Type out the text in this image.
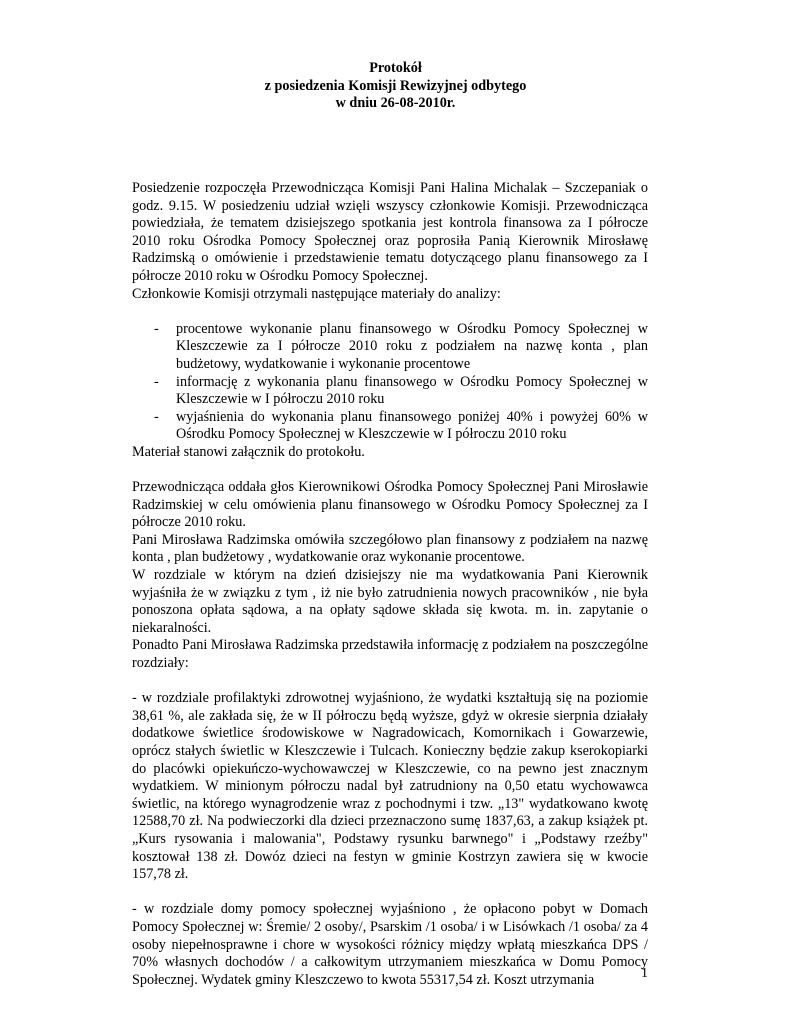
Protokół
z posiedzenia Komisji Rewizyjnej odbytego
w dniu 26-08-2010r.

Posiedzenie rozpoczęła Przewodnicząca Komisji Pani Halina Michalak – Szczepaniak o godz. 9.15. W posiedzeniu udział wzięli wszyscy członkowie Komisji. Przewodnicząca powiedziała, że tematem dzisiejszego spotkania jest kontrola finansowa za I półrocze 2010 roku Ośrodka Pomocy Społecznej oraz poprosiła Panią Kierownik Mirosławę Radzimską o omówienie i przedstawienie tematu dotyczącego planu finansowego za I półrocze 2010 roku w Ośrodku Pomocy Społecznej.

Członkowie Komisji otrzymali następujące materiały do analizy:

- procentowe wykonanie planu finansowego w Ośrodku Pomocy Społecznej w Kleszczewie za I półrocze 2010 roku z podziałem na nazwę konta , plan budżetowy, wydatkowanie i wykonanie procentowe
- informację z wykonania planu finansowego w Ośrodku Pomocy Społecznej w Kleszczewie w I półroczu 2010 roku
- wyjaśnienia do wykonania planu finansowego poniżej 40% i powyżej 60% w Ośrodku Pomocy Społecznej w Kleszczewie w I półroczu 2010 roku

Materiał stanowi załącznik do protokołu.

Przewodnicząca oddała głos Kierownikowi Ośrodka Pomocy Społecznej Pani Mirosławie Radzimskiej w celu omówienia planu finansowego w Ośrodku Pomocy Społecznej za I półrocze 2010 roku.

Pani Mirosława Radzimska omówiła szczegółowo plan finansowy z podziałem na nazwę konta , plan budżetowy , wydatkowanie oraz wykonanie procentowe.

W rozdziale w którym na dzień dzisiejszy nie ma wydatkowania Pani Kierownik wyjaśniła że w związku z tym , iż nie było zatrudnienia nowych pracowników , nie była ponoszona opłata sądowa, a na opłaty sądowe składa się kwota. m. in. zapytanie o niekaralności.

Ponadto Pani Mirosława Radzimska przedstawiła informację z podziałem na poszczególne rozdziały:

- w rozdziale profilaktyki zdrowotnej wyjaśniono, że wydatki kształtują się na poziomie 38,61 %, ale zakłada się, że w II półroczu będą wyższe, gdyż w okresie sierpnia działały dodatkowe świetlice środowiskowe w Nagradowicach, Komornikach i Gowarzewie, oprócz stałych świetlic w Kleszczewie i Tulcach. Konieczny będzie zakup kserokopiarki do placówki opiekuńczo-wychowawczej w Kleszczewie, co na pewno jest znacznym wydatkiem. W minionym półroczu nadal był zatrudniony na 0,50 etatu wychowawca świetlic, na którego wynagrodzenie wraz z pochodnymi i tzw. „13" wydatkowano kwotę 12588,70 zł. Na podwieczorki dla dzieci przeznaczono sumę 1837,63, a zakup książek pt. „Kurs rysowania i malowania", Podstawy rysunku barwnego" i „Podstawy rzeźby" kosztował 138 zł. Dowóz dzieci na festyn w gminie Kostrzyn zawiera się w kwocie 157,78 zł.

- w rozdziale domy pomocy społecznej wyjaśniono , że opłacono pobyt w Domach Pomocy Społecznej w: Śremie/ 2 osoby/, Psarskim /1 osoba/ i w Lisówkach /1 osoba/ za 4 osoby niepełnosprawne i chore w wysokości różnicy między wpłatą mieszkańca DPS / 70% własnych dochodów / a całkowitym utrzymaniem mieszkańca w Domu Pomocy Społecznej. Wydatek gminy Kleszczewo to kwota 55317,54 zł. Koszt utrzymania	1
